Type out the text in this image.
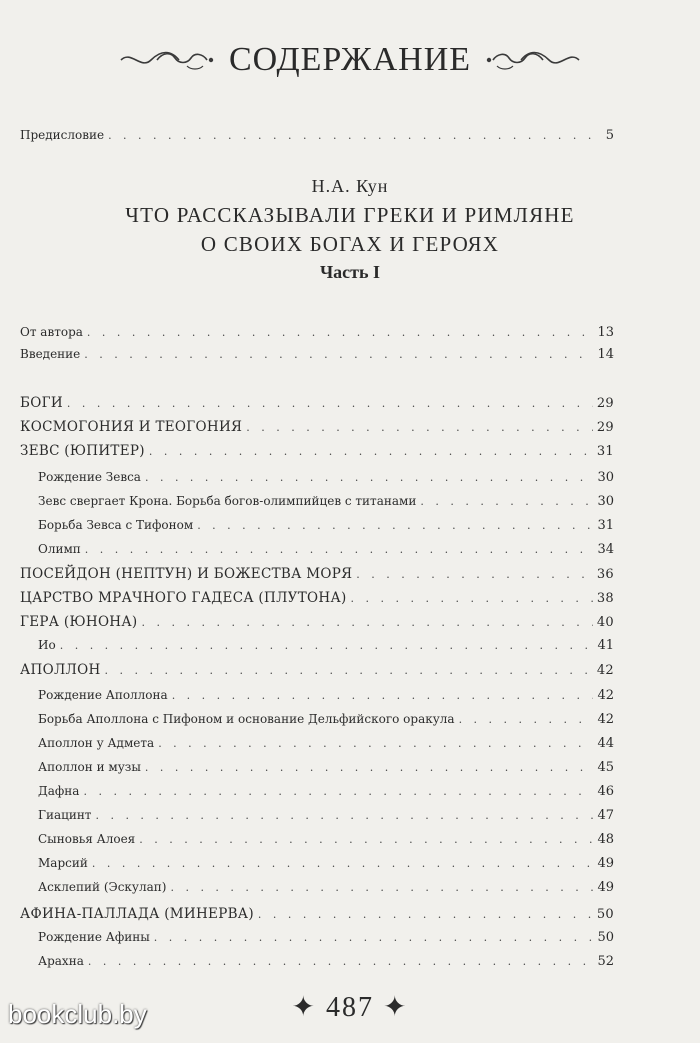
СОДЕРЖАНИЕ
Предисловие . . .	5
Н.А. Кун
ЧТО РАССКАЗЫВАЛИ ГРЕКИ И РИМЛЯНЕ
О СВОИХ БОГАХ И ГЕРОЯХ
Часть I
От автора . . .	13
Введение . . .	14
БОГИ . . .	29
КОСМОГОНИЯ И ТЕОГОНИЯ . . .	29
ЗЕВС (ЮПИТЕР) . . .	31
Рождение Зевса . . .	30
Зевс свергает Крона. Борьба богов-олимпийцев с титанами . . .	30
Борьба Зевса с Тифоном . . .	31
Олимп . . .	34
ПОСЕЙДОН (НЕПТУН) И БОЖЕСТВА МОРЯ . . .	36
ЦАРСТВО МРАЧНОГО ГАДЕСА (ПЛУТОНА) . . .	38
ГЕРА (ЮНОНА) . . .	40
Ио . . .	41
АПОЛЛОН . . .	42
Рождение Аполлона . . .	42
Борьба Аполлона с Пифоном и основание Дельфийского оракула . . .	42
Аполлон у Адмета . . .	44
Аполлон и музы . . .	45
Дафна . . .	46
Гиацинт . . .	47
Сыновья Алоея . . .	48
Марсий . . .	49
Асклепий (Эскулап) . . .	49
АФИНА-ПАЛЛАДА (МИНЕРВА) . . .	50
Рождение Афины . . .	50
Арахна . . .	52
✦ 487 ✦
bookclub.by
